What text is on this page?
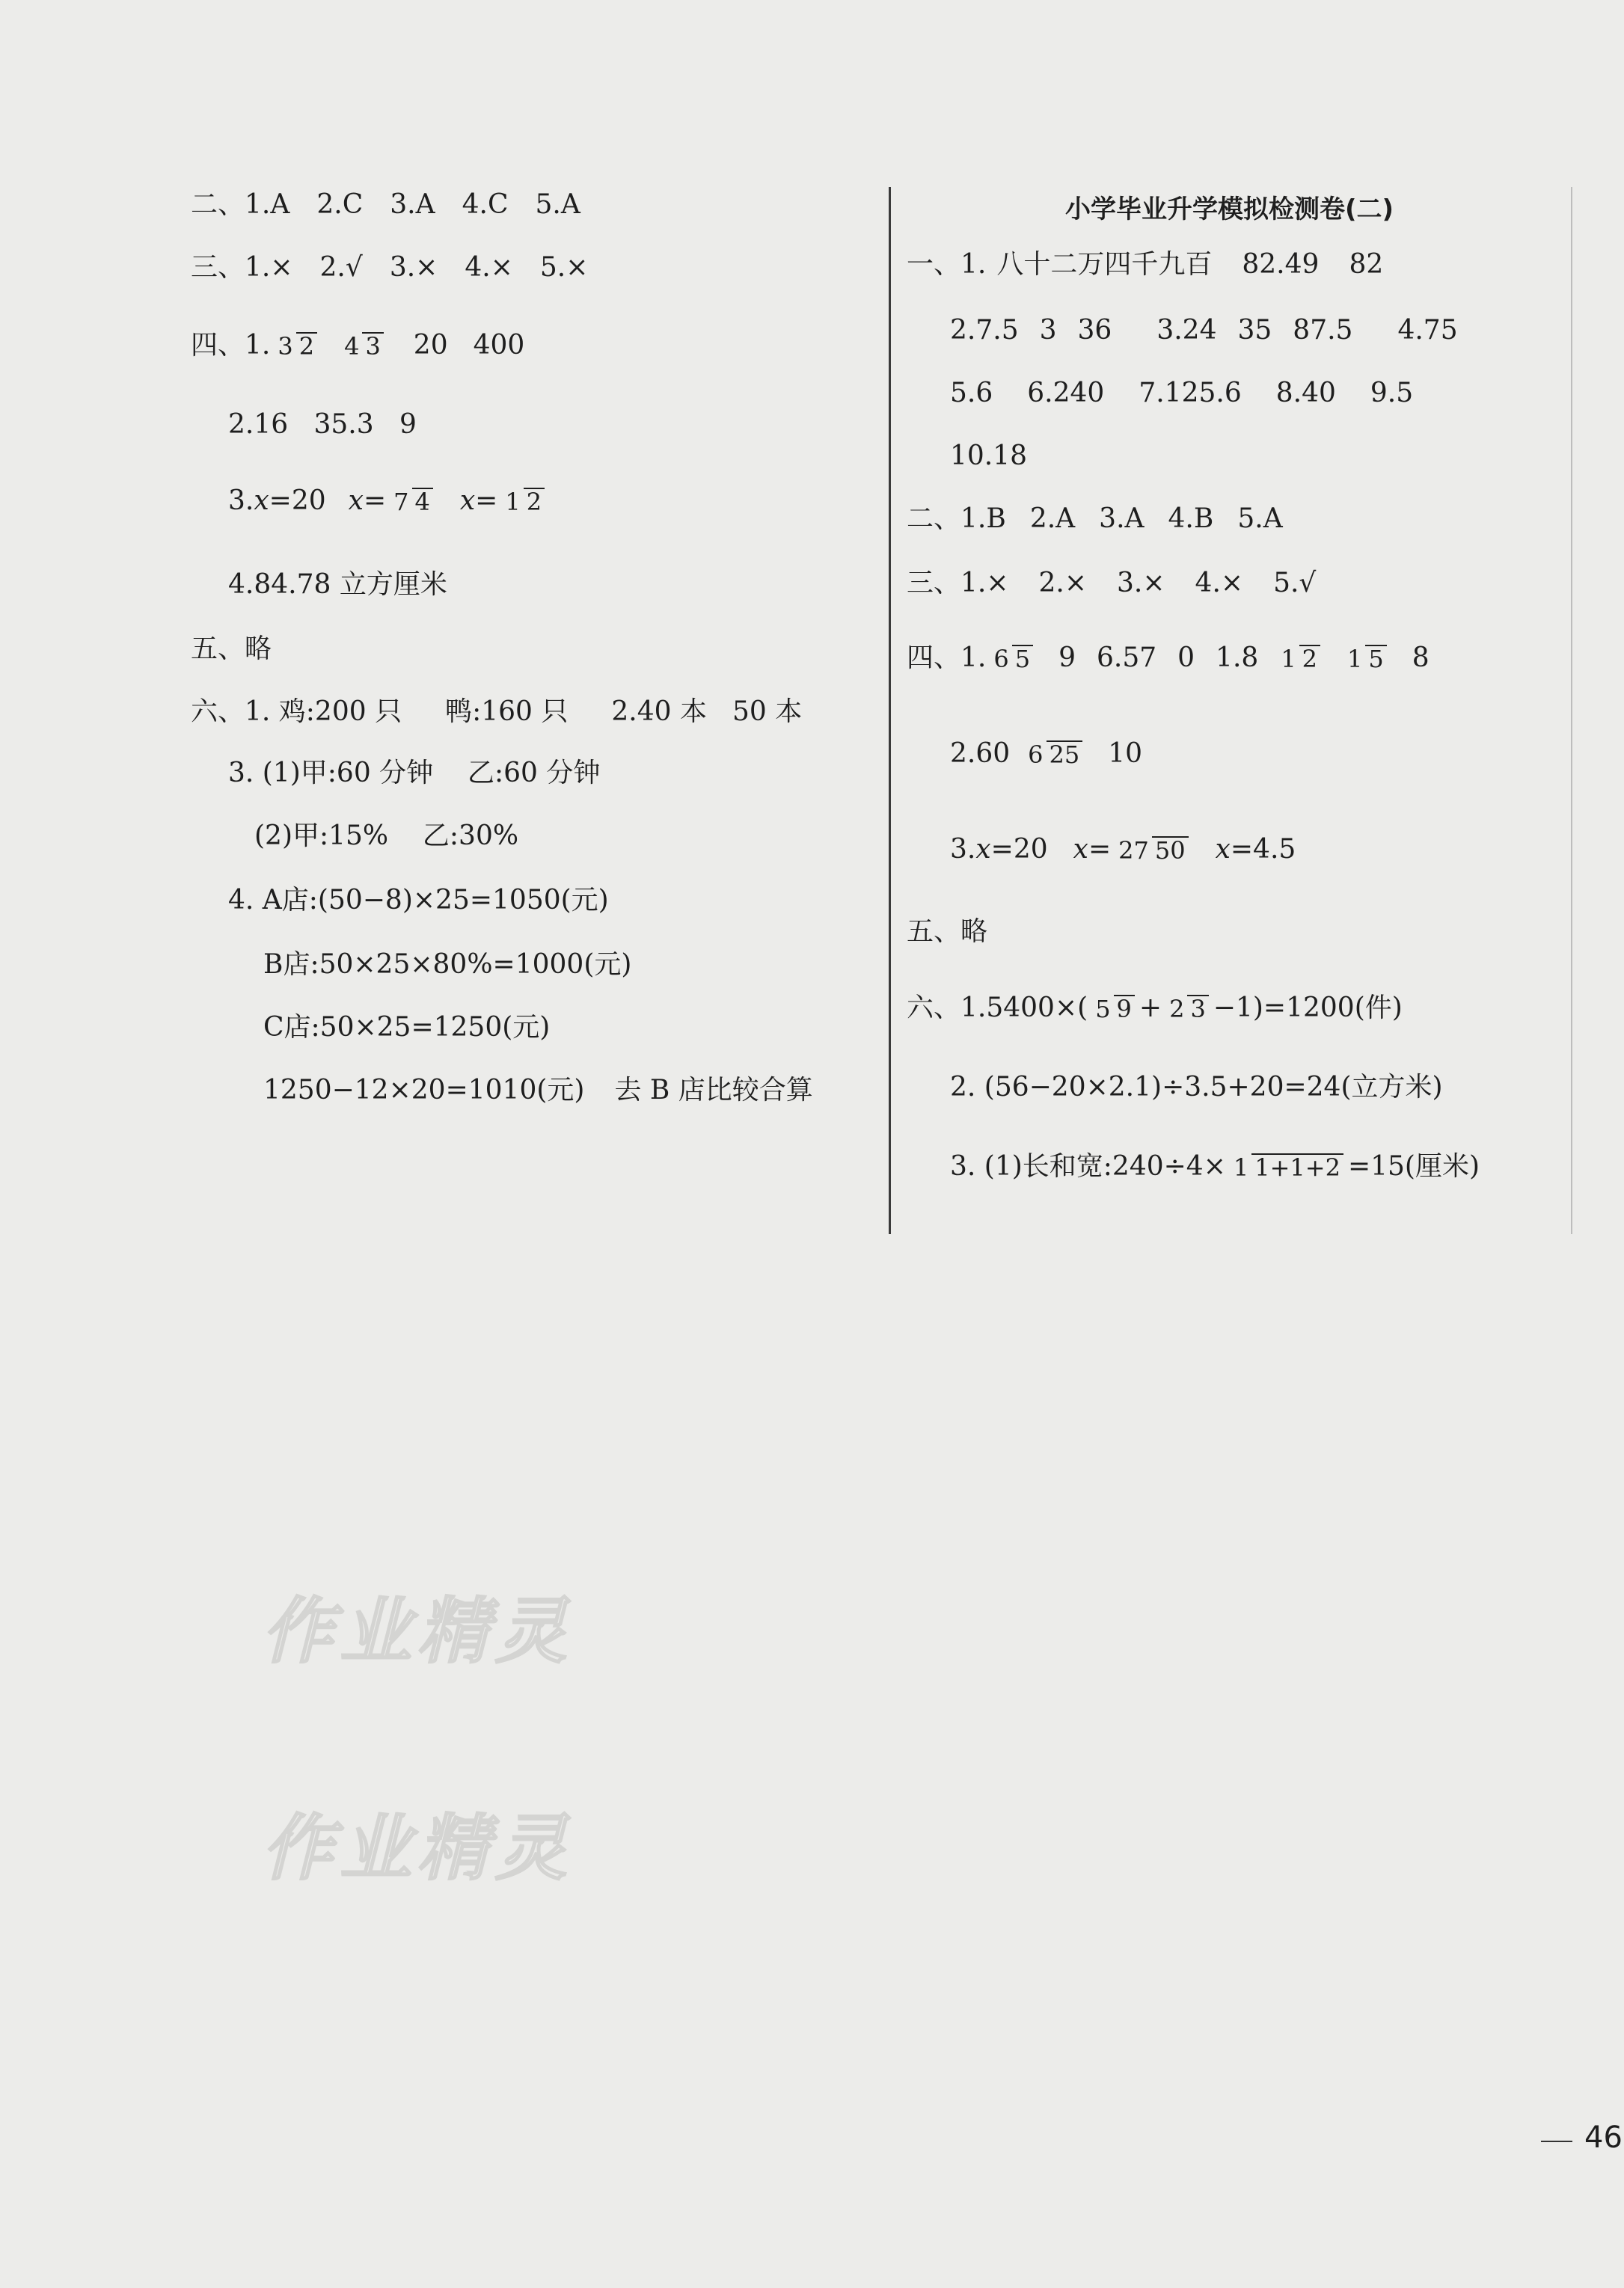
二、1. A 2.C 3.A 4.C 5.A
三、1. × 2.√ 3.× 4.× 5.×
四、1. 3 2 4 3 20 400
2.16   35.3   9
3. x =20 x = 7 4 x = 1 2
4.84.78 立方厘米
五、略
六、1. 鸡:200 只 鸭:160 只 2.40 本 50 本
3. (1)甲:60 分钟    乙:60 分钟
(2)甲:15%    乙:30%
4. A店:(50−8)×25=1050(元)
B店:50×25×80%=1000(元)
C店:50×25=1250(元)
1250−12×20=1010(元) 去 B 店比较合算
小学毕业升学模拟检测卷(二)
一、1. 八十二万四千九百 82.49 82
2.7.5 3 36 3.24 35 87.5 4.75
5.6 6.240 7.125.6 8.40 9.5
10.18
二、1.B 2.A 3.A 4.B 5.A
三、1.× 2.× 3.× 4.× 5.√
四、1. 6 5 9 6.57 0 1.8 1 2 1 5 8
2.60 6 25 10
3. x =20 x = 27 50 x =4.5
五、略
六、1.5400×( 5 9 + 2 3 −1)=1200(件)
2. (56−20×2.1)÷3.5+20=24(立方米)
3. (1)长和宽:240÷4× 1 1+1+2 =15(厘米)
作业精灵
作业精灵
46
